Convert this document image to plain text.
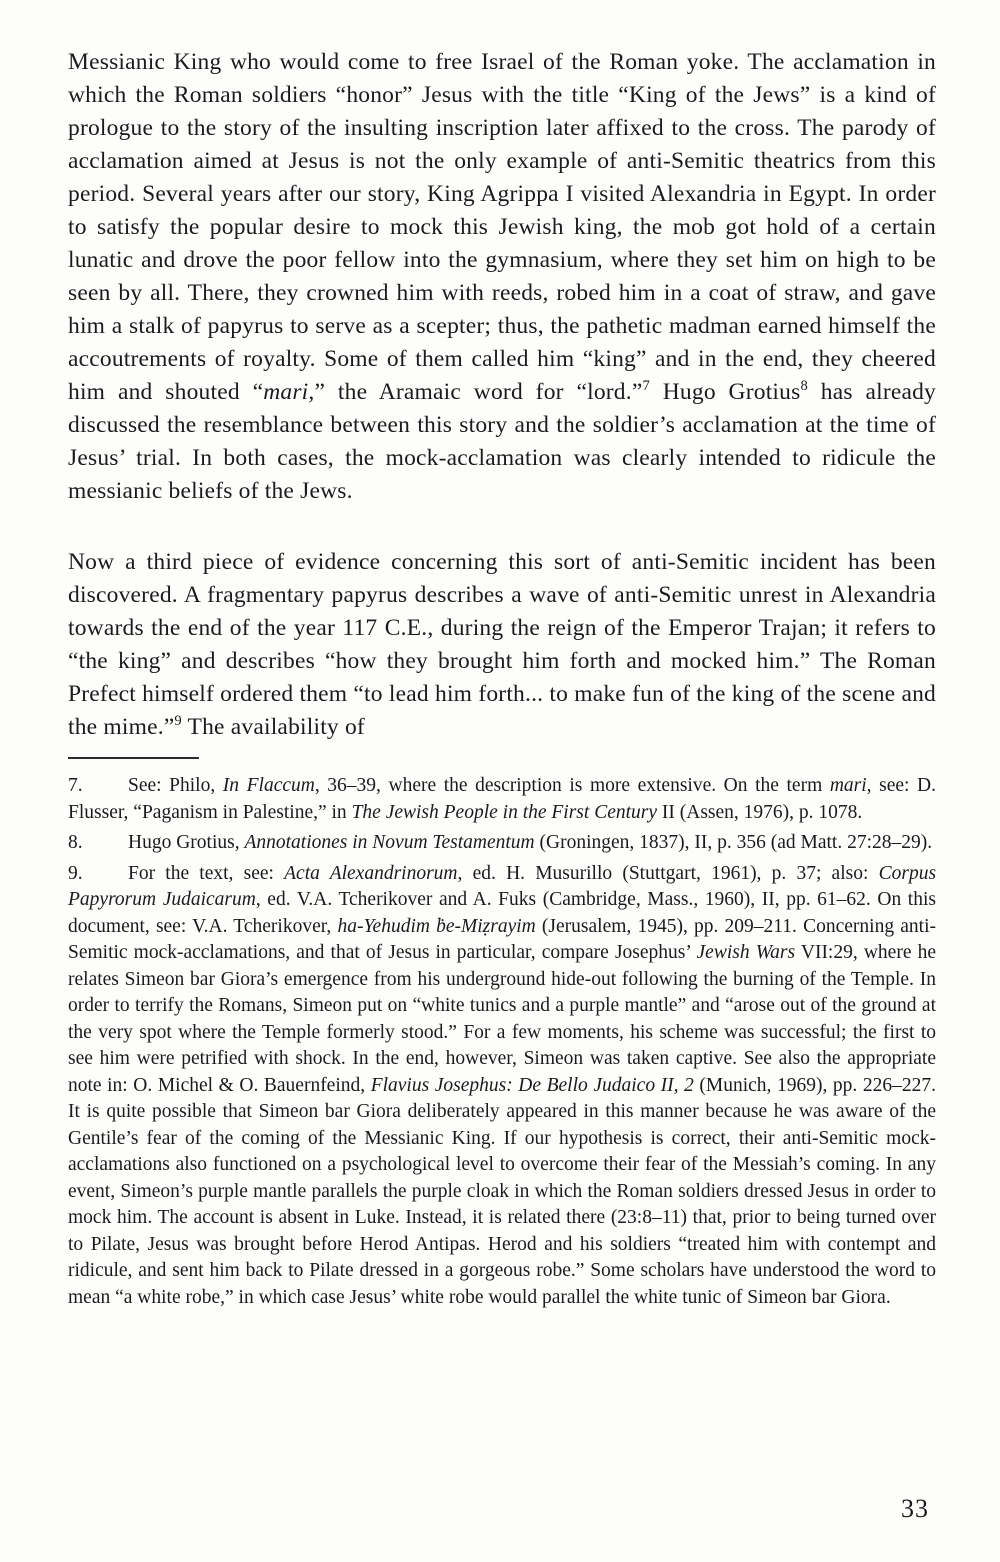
Messianic King who would come to free Israel of the Roman yoke. The acclamation in which the Roman soldiers “honor” Jesus with the title “King of the Jews” is a kind of prologue to the story of the insulting inscription later affixed to the cross. The parody of acclamation aimed at Jesus is not the only example of anti-Semitic theatrics from this period. Several years after our story, King Agrippa I visited Alexandria in Egypt. In order to satisfy the popular desire to mock this Jewish king, the mob got hold of a certain lunatic and drove the poor fellow into the gymnasium, where they set him on high to be seen by all. There, they crowned him with reeds, robed him in a coat of straw, and gave him a stalk of papyrus to serve as a scepter; thus, the pathetic madman earned himself the accoutrements of royalty. Some of them called him “king” and in the end, they cheered him and shouted “mari,” the Aramaic word for “lord.”$^7$ Hugo Grotius$^8$ has already discussed the resemblance between this story and the soldier’s acclamation at the time of Jesus’ trial. In both cases, the mock-acclamation was clearly intended to ridicule the messianic beliefs of the Jews.

Now a third piece of evidence concerning this sort of anti-Semitic incident has been discovered. A fragmentary papyrus describes a wave of anti-Semitic unrest in Alexandria towards the end of the year 117 C.E., during the reign of the Emperor Trajan; it refers to “the king” and describes “how they brought him forth and mocked him.” The Roman Prefect himself ordered them “to lead him forth... to make fun of the king of the scene and the mime.”$^9$ The availability of

7. See: Philo, In Flaccum, 36–39, where the description is more extensive. On the term mari, see: D. Flusser, “Paganism in Palestine,” in The Jewish People in the First Century II (Assen, 1976), p. 1078.

8. Hugo Grotius, Annotationes in Novum Testamentum (Groningen, 1837), II, p. 356 (ad Matt. 27:28–29).

9. For the text, see: Acta Alexandrinorum, ed. H. Musurillo (Stuttgart, 1961), p. 37; also: Corpus Papyrorum Judaicarum, ed. V.A. Tcherikover and A. Fuks (Cambridge, Mass., 1960), II, pp. 61–62. On this document, see: V.A. Tcherikover, ha-Yehudim ḃe-Miẓrayim (Jerusalem, 1945), pp. 209–211. Concerning anti-Semitic mock-acclamations, and that of Jesus in particular, compare Josephus’ Jewish Wars VII:29, where he relates Simeon bar Giora’s emergence from his underground hide-out following the burning of the Temple. In order to terrify the Romans, Simeon put on “white tunics and a purple mantle” and “arose out of the ground at the very spot where the Temple formerly stood.” For a few moments, his scheme was successful; the first to see him were petrified with shock. In the end, however, Simeon was taken captive. See also the appropriate note in: O. Michel & O. Bauernfeind, Flavius Josephus: De Bello Judaico II, 2 (Munich, 1969), pp. 226–227. It is quite possible that Simeon bar Giora deliberately appeared in this manner because he was aware of the Gentile’s fear of the coming of the Messianic King. If our hypothesis is correct, their anti-Semitic mock-acclamations also functioned on a psychological level to overcome their fear of the Messiah’s coming. In any event, Simeon’s purple mantle parallels the purple cloak in which the Roman soldiers dressed Jesus in order to mock him. The account is absent in Luke. Instead, it is related there (23:8–11) that, prior to being turned over to Pilate, Jesus was brought before Herod Antipas. Herod and his soldiers “treated him with contempt and ridicule, and sent him back to Pilate dressed in a gorgeous robe.” Some scholars have understood the word to mean “a white robe,” in which case Jesus’ white robe would parallel the white tunic of Simeon bar Giora.

33
